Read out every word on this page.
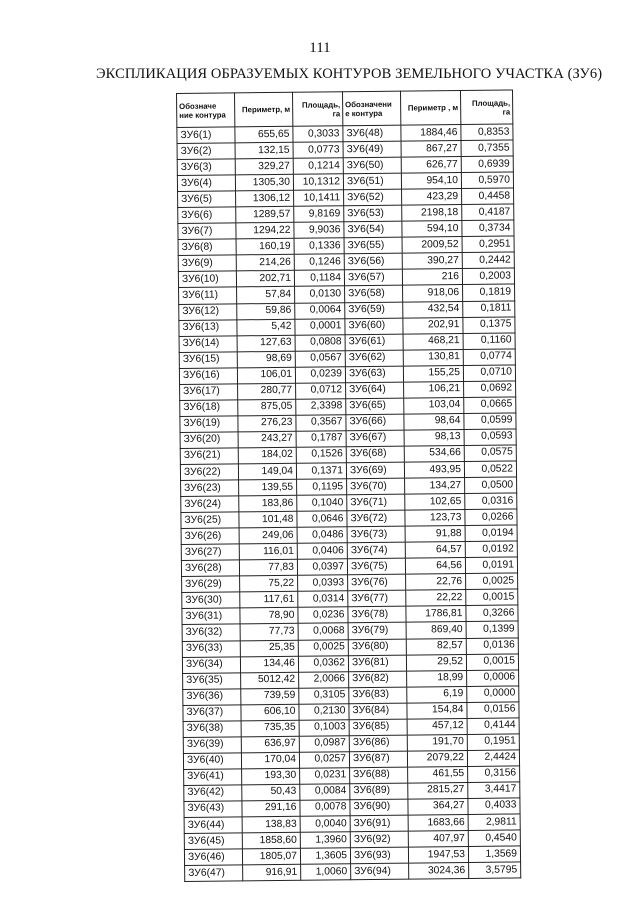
111
ЭКСПЛИКАЦИЯ ОБРАЗУЕМЫХ КОНТУРОВ ЗЕМЕЛЬНОГО УЧАСТКА (ЗУ6)
Обозначе ние контура	Периметр, м	Площадь, га	Обозначени е контура	Периметр , м	Площадь, га
ЗУ6(1)	655,65	0,3033	ЗУ6(48)	1884,46	0,8353
ЗУ6(2)	132,15	0,0773	ЗУ6(49)	867,27	0,7355
ЗУ6(3)	329,27	0,1214	ЗУ6(50)	626,77	0,6939
ЗУ6(4)	1305,30	10,1312	ЗУ6(51)	954,10	0,5970
ЗУ6(5)	1306,12	10,1411	ЗУ6(52)	423,29	0,4458
ЗУ6(6)	1289,57	9,8169	ЗУ6(53)	2198,18	0,4187
ЗУ6(7)	1294,22	9,9036	ЗУ6(54)	594,10	0,3734
ЗУ6(8)	160,19	0,1336	ЗУ6(55)	2009,52	0,2951
ЗУ6(9)	214,26	0,1246	ЗУ6(56)	390,27	0,2442
ЗУ6(10)	202,71	0,1184	ЗУ6(57)	216	0,2003
ЗУ6(11)	57,84	0,0130	ЗУ6(58)	918,06	0,1819
ЗУ6(12)	59,86	0,0064	ЗУ6(59)	432,54	0,1811
ЗУ6(13)	5,42	0,0001	ЗУ6(60)	202,91	0,1375
ЗУ6(14)	127,63	0,0808	ЗУ6(61)	468,21	0,1160
ЗУ6(15)	98,69	0,0567	ЗУ6(62)	130,81	0,0774
ЗУ6(16)	106,01	0,0239	ЗУ6(63)	155,25	0,0710
ЗУ6(17)	280,77	0,0712	ЗУ6(64)	106,21	0,0692
ЗУ6(18)	875,05	2,3398	ЗУ6(65)	103,04	0,0665
ЗУ6(19)	276,23	0,3567	ЗУ6(66)	98,64	0,0599
ЗУ6(20)	243,27	0,1787	ЗУ6(67)	98,13	0,0593
ЗУ6(21)	184,02	0,1526	ЗУ6(68)	534,66	0,0575
ЗУ6(22)	149,04	0,1371	ЗУ6(69)	493,95	0,0522
ЗУ6(23)	139,55	0,1195	ЗУ6(70)	134,27	0,0500
ЗУ6(24)	183,86	0,1040	ЗУ6(71)	102,65	0,0316
ЗУ6(25)	101,48	0,0646	ЗУ6(72)	123,73	0,0266
ЗУ6(26)	249,06	0,0486	ЗУ6(73)	91,88	0,0194
ЗУ6(27)	116,01	0,0406	ЗУ6(74)	64,57	0,0192
ЗУ6(28)	77,83	0,0397	ЗУ6(75)	64,56	0,0191
ЗУ6(29)	75,22	0,0393	ЗУ6(76)	22,76	0,0025
ЗУ6(30)	117,61	0,0314	ЗУ6(77)	22,22	0,0015
ЗУ6(31)	78,90	0,0236	ЗУ6(78)	1786,81	0,3266
ЗУ6(32)	77,73	0,0068	ЗУ6(79)	869,40	0,1399
ЗУ6(33)	25,35	0,0025	ЗУ6(80)	82,57	0,0136
ЗУ6(34)	134,46	0,0362	ЗУ6(81)	29,52	0,0015
ЗУ6(35)	5012,42	2,0066	ЗУ6(82)	18,99	0,0006
ЗУ6(36)	739,59	0,3105	ЗУ6(83)	6,19	0,0000
ЗУ6(37)	606,10	0,2130	ЗУ6(84)	154,84	0,0156
ЗУ6(38)	735,35	0,1003	ЗУ6(85)	457,12	0,4144
ЗУ6(39)	636,97	0,0987	ЗУ6(86)	191,70	0,1951
ЗУ6(40)	170,04	0,0257	ЗУ6(87)	2079,22	2,4424
ЗУ6(41)	193,30	0,0231	ЗУ6(88)	461,55	0,3156
ЗУ6(42)	50,43	0,0084	ЗУ6(89)	2815,27	3,4417
ЗУ6(43)	291,16	0,0078	ЗУ6(90)	364,27	0,4033
ЗУ6(44)	138,83	0,0040	ЗУ6(91)	1683,66	2,9811
ЗУ6(45)	1858,60	1,3960	ЗУ6(92)	407,97	0,4540
ЗУ6(46)	1805,07	1,3605	ЗУ6(93)	1947,53	1,3569
ЗУ6(47)	916,91	1,0060	ЗУ6(94)	3024,36	3,5795
